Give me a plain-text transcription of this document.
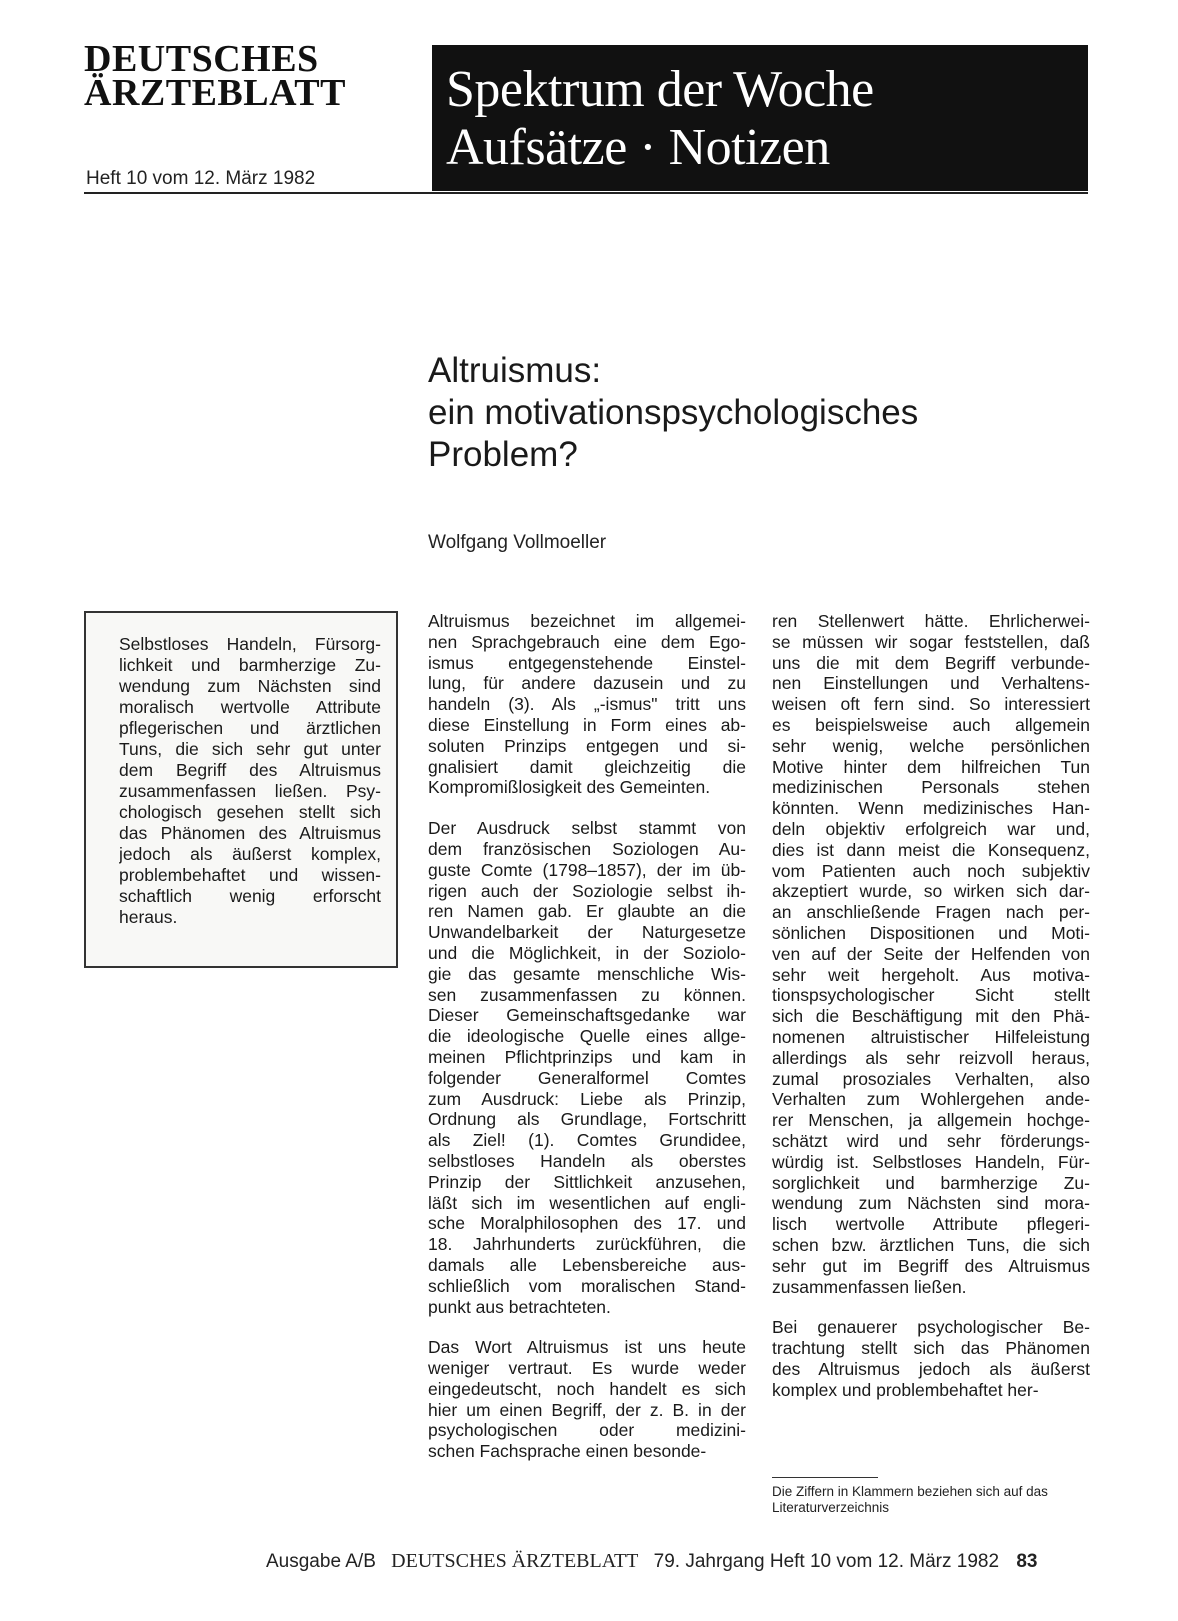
DEUTSCHES
ÄRZTEBLATT
Heft 10 vom 12. März 1982
Spektrum der Woche
Aufsätze · Notizen
Altruismus:
ein motivationspsychologisches
Problem?
Wolfgang Vollmoeller
Selbstloses Handeln, Fürsorg-
lichkeit und barmherzige Zu-
wendung zum Nächsten sind
moralisch wertvolle Attribute
pflegerischen und ärztlichen
Tuns, die sich sehr gut unter
dem Begriff des Altruismus
zusammenfassen ließen. Psy-
chologisch gesehen stellt sich
das Phänomen des Altruismus
jedoch als äußerst komplex,
problembehaftet und wissen-
schaftlich wenig erforscht
heraus.

Altruismus bezeichnet im allgemei-
nen Sprachgebrauch eine dem Ego-
ismus entgegenstehende Einstel-
lung, für andere dazusein und zu
handeln (3). Als „-ismus" tritt uns
diese Einstellung in Form eines ab-
soluten Prinzips entgegen und si-
gnalisiert damit gleichzeitig die
Kompromißlosigkeit des Gemeinten.

Der Ausdruck selbst stammt von
dem französischen Soziologen Au-
guste Comte (1798–1857), der im üb-
rigen auch der Soziologie selbst ih-
ren Namen gab. Er glaubte an die
Unwandelbarkeit der Naturgesetze
und die Möglichkeit, in der Soziolo-
gie das gesamte menschliche Wis-
sen zusammenfassen zu können.
Dieser Gemeinschaftsgedanke war
die ideologische Quelle eines allge-
meinen Pflichtprinzips und kam in
folgender Generalformel Comtes
zum Ausdruck: Liebe als Prinzip,
Ordnung als Grundlage, Fortschritt
als Ziel! (1). Comtes Grundidee,
selbstloses Handeln als oberstes
Prinzip der Sittlichkeit anzusehen,
läßt sich im wesentlichen auf engli-
sche Moralphilosophen des 17. und
18. Jahrhunderts zurückführen, die
damals alle Lebensbereiche aus-
schließlich vom moralischen Stand-
punkt aus betrachteten.

Das Wort Altruismus ist uns heute
weniger vertraut. Es wurde weder
eingedeutscht, noch handelt es sich
hier um einen Begriff, der z. B. in der
psychologischen oder medizini-
schen Fachsprache einen besonde-

ren Stellenwert hätte. Ehrlicherwei-
se müssen wir sogar feststellen, daß
uns die mit dem Begriff verbunde-
nen Einstellungen und Verhaltens-
weisen oft fern sind. So interessiert
es beispielsweise auch allgemein
sehr wenig, welche persönlichen
Motive hinter dem hilfreichen Tun
medizinischen Personals stehen
könnten. Wenn medizinisches Han-
deln objektiv erfolgreich war und,
dies ist dann meist die Konsequenz,
vom Patienten auch noch subjektiv
akzeptiert wurde, so wirken sich dar-
an anschließende Fragen nach per-
sönlichen Dispositionen und Moti-
ven auf der Seite der Helfenden von
sehr weit hergeholt. Aus motiva-
tionspsychologischer Sicht stellt
sich die Beschäftigung mit den Phä-
nomenen altruistischer Hilfeleistung
allerdings als sehr reizvoll heraus,
zumal prosoziales Verhalten, also
Verhalten zum Wohlergehen ande-
rer Menschen, ja allgemein hochge-
schätzt wird und sehr förderungs-
würdig ist. Selbstloses Handeln, Für-
sorglichkeit und barmherzige Zu-
wendung zum Nächsten sind mora-
lisch wertvolle Attribute pflegeri-
schen bzw. ärztlichen Tuns, die sich
sehr gut im Begriff des Altruismus
zusammenfassen ließen.

Bei genauerer psychologischer Be-
trachtung stellt sich das Phänomen
des Altruismus jedoch als äußerst
komplex und problembehaftet her-

Die Ziffern in Klammern beziehen sich auf das
Literaturverzeichnis
Ausgabe A/B DEUTSCHES ÄRZTEBLATT 79. Jahrgang Heft 10 vom 12. März 1982 83
